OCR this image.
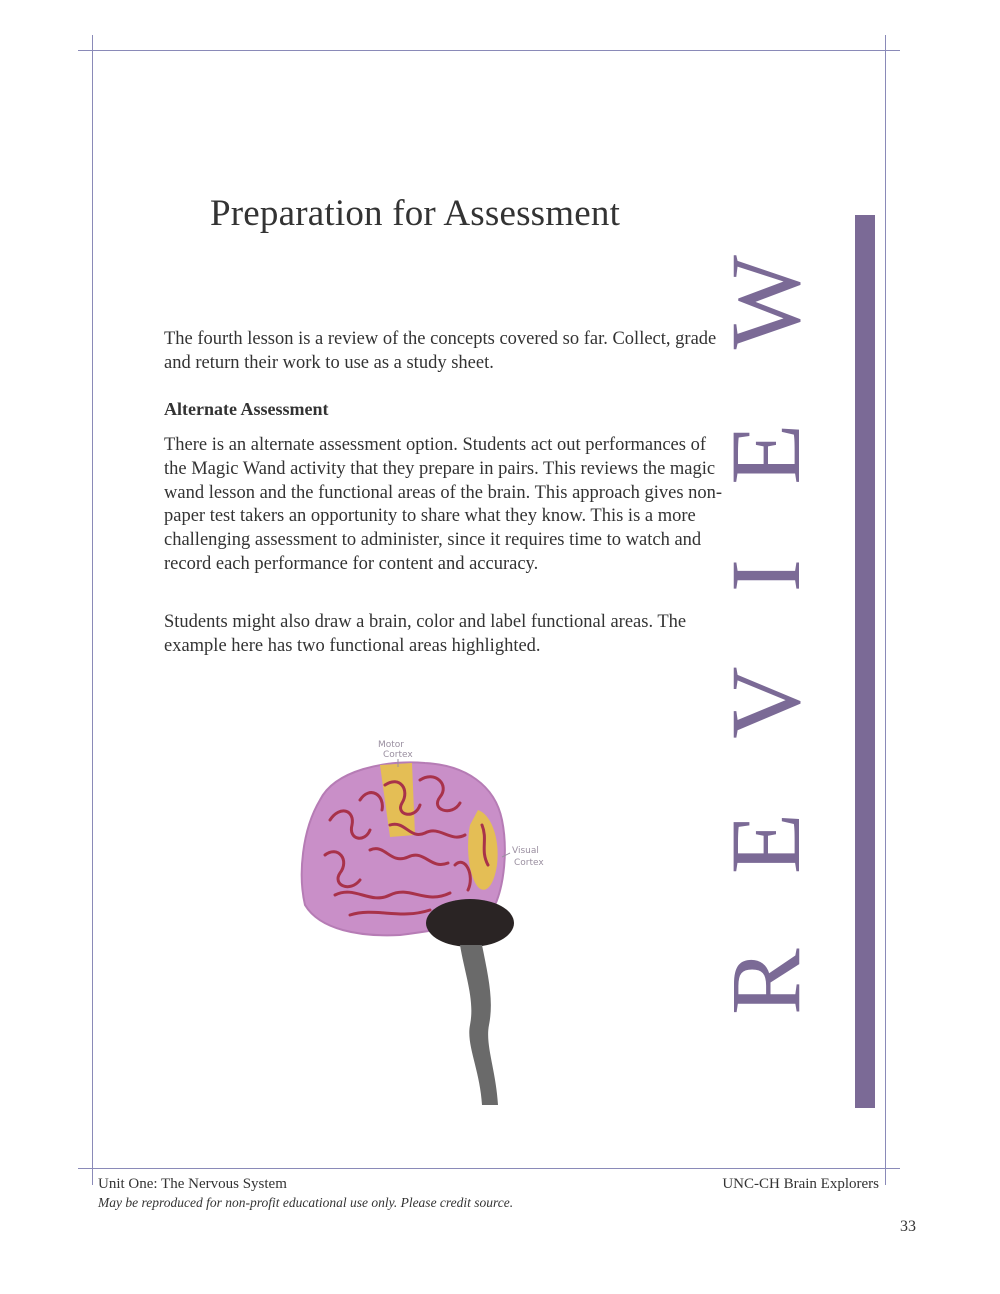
Preparation for Assessment

The fourth lesson is a review of the concepts covered so far. Collect, grade and return their work to use as a study sheet.

Alternate Assessment

There is an alternate assessment option. Students act out performances of the Magic Wand activity that they prepare in pairs. This reviews the magic wand lesson and the functional areas of the brain. This approach gives non-paper test takers an opportunity to share what they know. This is a more challenging assessment to administer, since it requires time to watch and record each performance for content and accuracy.

Students might also draw a brain, color and label functional areas. The example here has two functional areas highlighted.

R
E
V
I
E
W
Motor
Cortex
Visual
Cortex

Unit One: The Nervous System

May be reproduced for non-profit educational use only. Please credit source.

UNC-CH Brain Explorers

33
